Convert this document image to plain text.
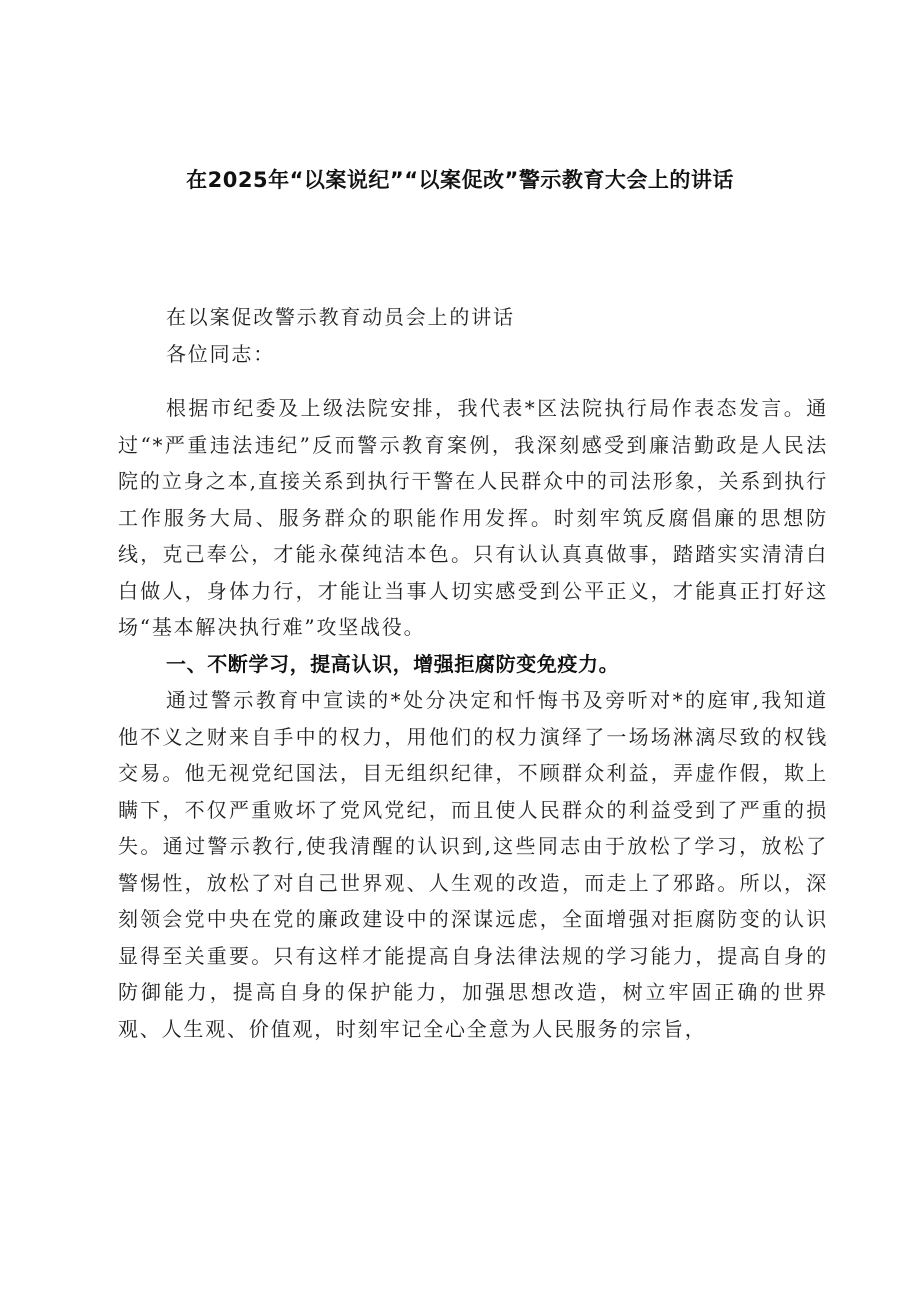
在2025年“以案说纪”“以案促改”警示教育大会上的讲话

在以案促改警示教育动员会上的讲话

各位同志：

根据市纪委及上级法院安排，我代表*区法院执行局作表态发言。通过“*严重违法违纪”反而警示教育案例，我深刻感受到廉洁勤政是人民法院的立身之本,直接关系到执行干警在人民群众中的司法形象，关系到执行工作服务大局、服务群众的职能作用发挥。时刻牢筑反腐倡廉的思想防线，克己奉公，才能永葆纯洁本色。只有认认真真做事，踏踏实实清清白白做人，身体力行，才能让当事人切实感受到公平正义，才能真正打好这场“基本解决执行难”攻坚战役。

一、不断学习，提高认识，增强拒腐防变免疫力。

通过警示教育中宣读的*处分决定和忏悔书及旁听对*的庭审,我知道他不义之财来自手中的权力，用他们的权力演绎了一场场淋漓尽致的权钱交易。他无视党纪国法，目无组织纪律，不顾群众利益，弄虚作假，欺上瞒下，不仅严重败坏了党风党纪，而且使人民群众的利益受到了严重的损失。通过警示教行,使我清醒的认识到,这些同志由于放松了学习，放松了警惕性，放松了对自己世界观、人生观的改造，而走上了邪路。所以，深刻领会党中央在党的廉政建设中的深谋远虑，全面增强对拒腐防变的认识显得至关重要。只有这样才能提高自身法律法规的学习能力，提高自身的防御能力，提高自身的保护能力，加强思想改造，树立牢固正确的世界观、人生观、价值观，时刻牢记全心全意为人民服务的宗旨，
